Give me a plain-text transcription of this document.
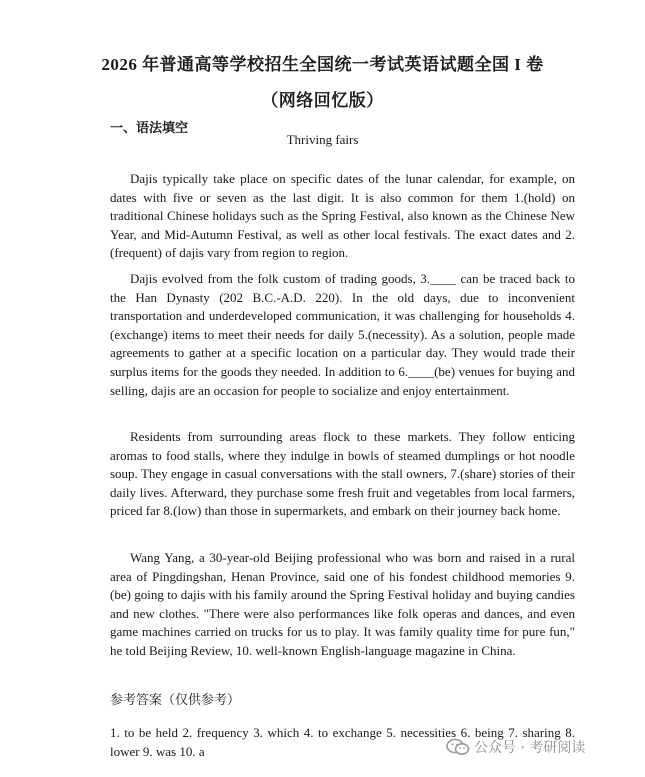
2026 年普通高等学校招生全国统一考试英语试题全国 I 卷
（网络回忆版）
一、语法填空
Thriving fairs

Dajis typically take place on specific dates of the lunar calendar, for example, on dates with five or seven as the last digit. It is also common for them 1.(hold) on traditional Chinese holidays such as the Spring Festival, also known as the Chinese New Year, and Mid-Autumn Festival, as well as other local festivals. The exact dates and 2.(frequent) of dajis vary from region to region.

Dajis evolved from the folk custom of trading goods, 3.____ can be traced back to the Han Dynasty (202 B.C.-A.D. 220). In the old days, due to inconvenient transportation and underdeveloped communication, it was challenging for households 4.(exchange) items to meet their needs for daily 5.(necessity). As a solution, people made agreements to gather at a specific location on a particular day. They would trade their surplus items for the goods they needed. In addition to 6.____(be) venues for buying and selling, dajis are an occasion for people to socialize and enjoy entertainment.

Residents from surrounding areas flock to these markets. They follow enticing aromas to food stalls, where they indulge in bowls of steamed dumplings or hot noodle soup. They engage in casual conversations with the stall owners, 7.(share) stories of their daily lives. Afterward, they purchase some fresh fruit and vegetables from local farmers, priced far 8.(low) than those in supermarkets, and embark on their journey back home.

Wang Yang, a 30-year-old Beijing professional who was born and raised in a rural area of Pingdingshan, Henan Province, said one of his fondest childhood memories 9.(be) going to dajis with his family around the Spring Festival holiday and buying candies and new clothes. "There were also performances like folk operas and dances, and even game machines carried on trucks for us to play. It was family quality time for pure fun," he told Beijing Review, 10. well-known English-language magazine in China.

参考答案（仅供参考）

1. to be held 2. frequency 3. which 4. to exchange 5. necessities 6. being 7. sharing 8. lower 9. was 10. a	公众号 · 考研阅读
